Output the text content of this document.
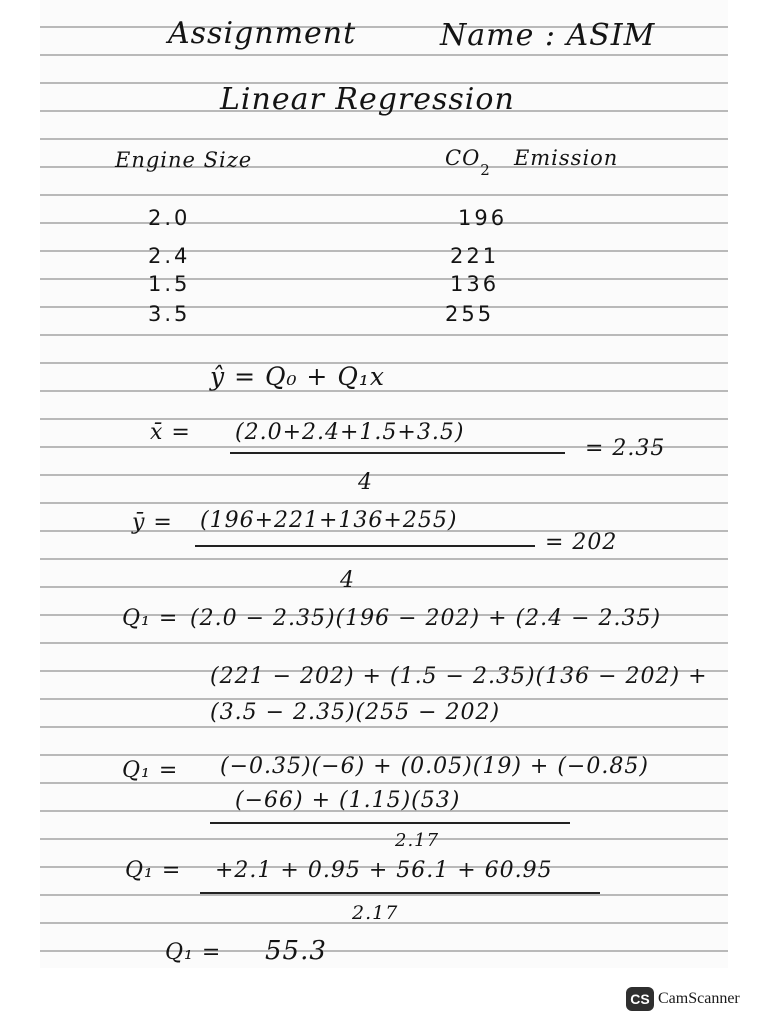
Assignment	Name : ASIM

Linear Regression

Engine Size	CO2 Emission

2.0	196

2.4	221

1.5	136

3.5	255

ŷ = Q₀ + Q₁x

x̄ = (2.0+2.4+1.5+3.5)

4

= 2.35

ȳ = (196+221+136+255)

= 202

4

Q₁ = (2.0 − 2.35)(196 − 202) + (2.4 − 2.35)

(221 − 202) + (1.5 − 2.35)(136 − 202) +

(3.5 − 2.35)(255 − 202)

Q₁ = (−0.35)(−6) + (0.05)(19) + (−0.85)

(−66) + (1.15)(53)

2.17

Q₁ = +2.1 + 0.95 + 56.1 + 60.95

2.17

Q₁ = 55.3

CS CamScanner
